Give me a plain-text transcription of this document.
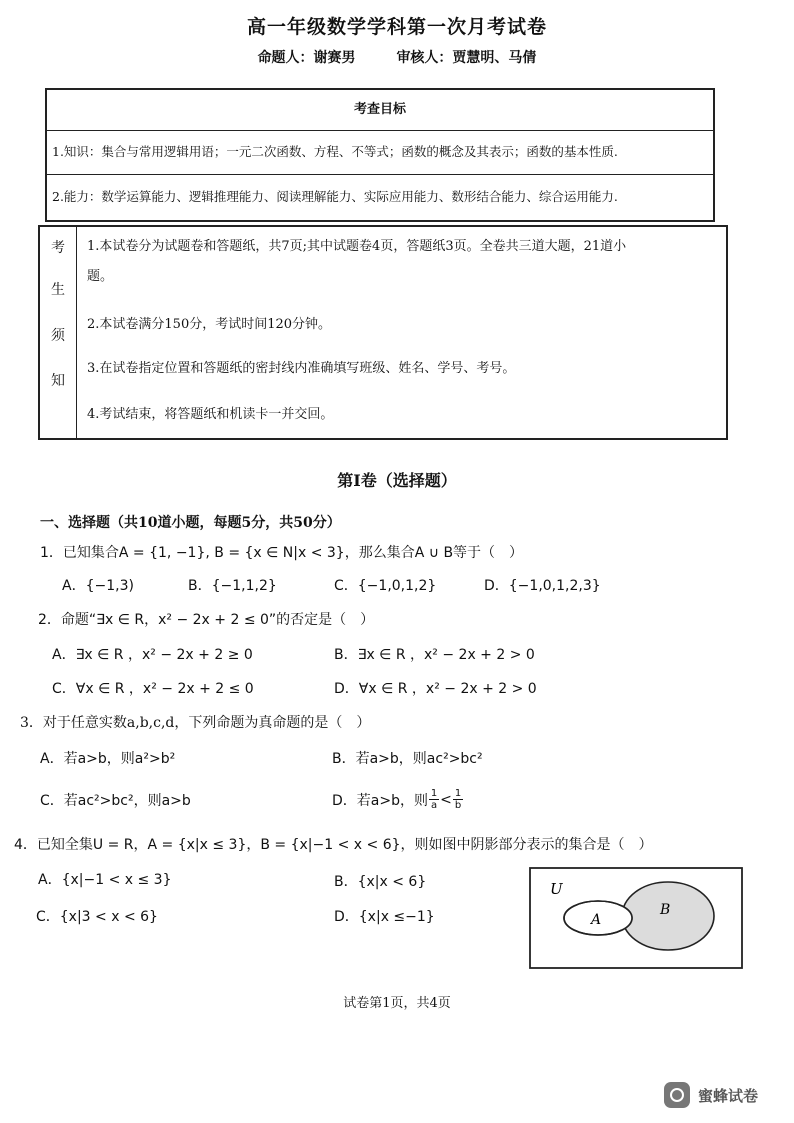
高一年级数学学科第一次月考试卷
命题人：谢赛男	审核人：贾慧明、马倩
考查目标
1.知识：集合与常用逻辑用语；一元二次函数、方程、不等式；函数的概念及其表示；函数的基本性质.
2.能力：数学运算能力、逻辑推理能力、阅读理解能力、实际应用能力、数形结合能力、综合运用能力.
考
生
须
知
1.本试卷分为试题卷和答题纸，共7页;其中试题卷4页，答题纸3页。全卷共三道大题，21道小
题。
2.本试卷满分150分，考试时间120分钟。
3.在试卷指定位置和答题纸的密封线内准确填写班级、姓名、学号、考号。
4.考试结束，将答题纸和机读卡一并交回。
第Ⅰ卷（选择题）
一、选择题（共10道小题，每题5分，共50分）
1．已知集合A = {1, −1}, B = {x ∈ N|x < 3}，那么集合A ∪ B等于（　）
A．{−1,3)	B．{−1,1,2}	C．{−1,0,1,2}	D．{−1,0,1,2,3}
2．命题“∃x ∈ R，x² − 2x + 2 ≤ 0”的否定是（　）
A．∃x ∈ R ，x² − 2x + 2 ≥ 0	B．∃x ∈ R ，x² − 2x + 2 > 0
C．∀x ∈ R ，x² − 2x + 2 ≤ 0	D．∀x ∈ R ，x² − 2x + 2 > 0
3．对于任意实数a,b,c,d，下列命题为真命题的是（　）
A．若a>b，则a²>b²	B．若a>b，则ac²>bc²
C．若ac²>bc²，则a>b	D．若a>b，则 $\frac{1}{a} < \frac{1}{b}$
4．已知全集U = R，A = {x|x ≤ 3}，B = {x|−1 < x < 6}，则如图中阴影部分表示的集合是（　）
A．{x|−1 < x ≤ 3}	B．{x|x < 6}
C．{x|3 < x < 6}	D．{x|x ≤−1}
U
A
B
试卷第1页，共4页
蜜蜂试卷
